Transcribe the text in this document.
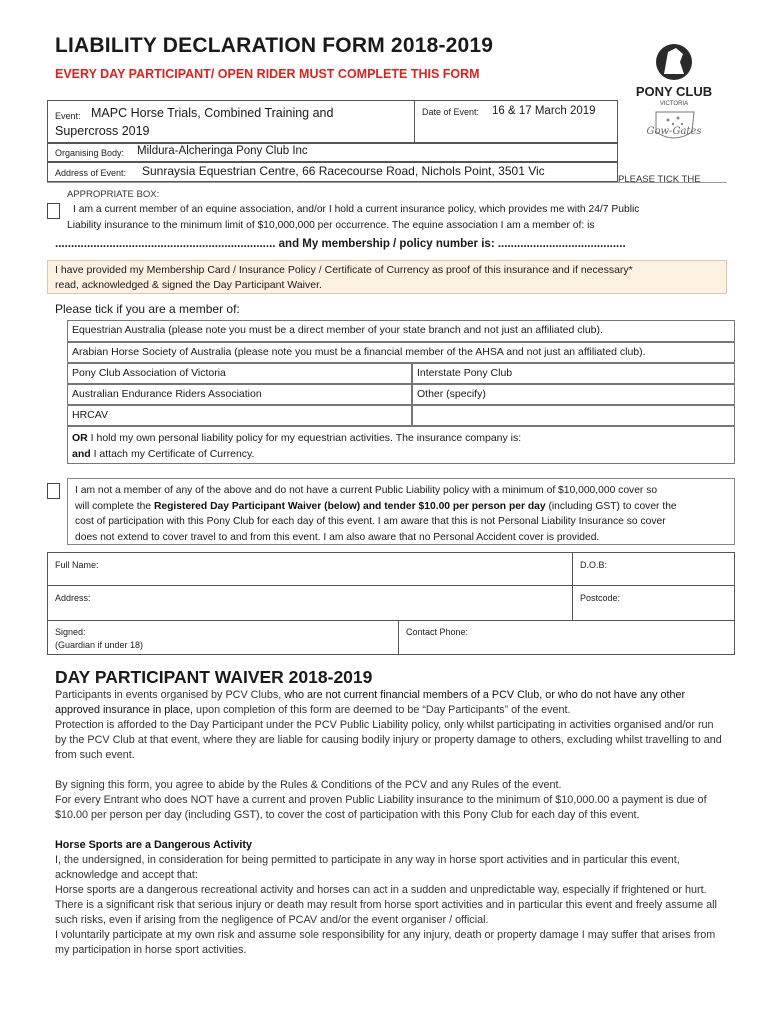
LIABILITY DECLARATION FORM 2018-2019
EVERY DAY PARTICIPANT/ OPEN RIDER MUST COMPLETE THIS FORM
PONY CLUB
VICTORIA
Gow-Gates
Event: MAPC Horse Trials, Combined Training and
Supercross 2019
Date of Event: 16 & 17 March 2019
Organising Body: Mildura-Alcheringa Pony Club Inc
Address of Event: Sunraysia Equestrian Centre, 66 Racecourse Road, Nichols Point, 3501 Vic
PLEASE TICK THE
APPROPRIATE BOX:
I am a current member of an equine association, and/or I hold a current insurance policy, which provides me with 24/7 Public
Liability insurance to the minimum limit of $10,000,000 per occurrence. The equine association I am a member of: is
..................................................................... and My membership / policy number is: ........................................
I have provided my Membership Card / Insurance Policy / Certificate of Currency as proof of this insurance and if necessary*
read, acknowledged & signed the Day Participant Waiver.
Please tick if you are a member of:
Equestrian Australia (please note you must be a direct member of your state branch and not just an affiliated club).
Arabian Horse Society of Australia (please note you must be a financial member of the AHSA and not just an affiliated club).
Pony Club Association of Victoria	Interstate Pony Club
Australian Endurance Riders Association	Other (specify)
HRCAV
OR I hold my own personal liability policy for my equestrian activities. The insurance company is:
and I attach my Certificate of Currency.
I am not a member of any of the above and do not have a current Public Liability policy with a minimum of $10,000,000 cover so
will complete the Registered Day Participant Waiver (below) and tender $10.00 per person per day (including GST) to cover the
cost of participation with this Pony Club for each day of this event. I am aware that this is not Personal Liability Insurance so cover
does not extend to cover travel to and from this event. I am also aware that no Personal Accident cover is provided.
Full Name:	D.O.B:
Address:	Postcode:
Signed:
(Guardian if under 18)
Contact Phone:
DAY PARTICIPANT WAIVER 2018-2019

Participants in events organised by PCV Clubs, who are not current financial members of a PCV Club, or who do not have any other approved insurance in place, upon completion of this form are deemed to be “Day Participants” of the event.

Protection is afforded to the Day Participant under the PCV Public Liability policy, only whilst participating in activities organised and/or run by the PCV Club at that event, where they are liable for causing bodily injury or property damage to others, excluding whilst travelling to and from such event.

By signing this form, you agree to abide by the Rules & Conditions of the PCV and any Rules of the event.

For every Entrant who does NOT have a current and proven Public Liability insurance to the minimum of $10,000.00 a payment is due of $10.00 per person per day (including GST), to cover the cost of participation with this Pony Club for each day of this event.

Horse Sports are a Dangerous Activity

I, the undersigned, in consideration for being permitted to participate in any way in horse sport activities and in particular this event, acknowledge and accept that:

Horse sports are a dangerous recreational activity and horses can act in a sudden and unpredictable way, especially if frightened or hurt.

There is a significant risk that serious injury or death may result from horse sport activities and in particular this event and freely assume all such risks, even if arising from the negligence of PCAV and/or the event organiser / official.

I voluntarily participate at my own risk and assume sole responsibility for any injury, death or property damage I may suffer that arises from my participation in horse sport activities.
